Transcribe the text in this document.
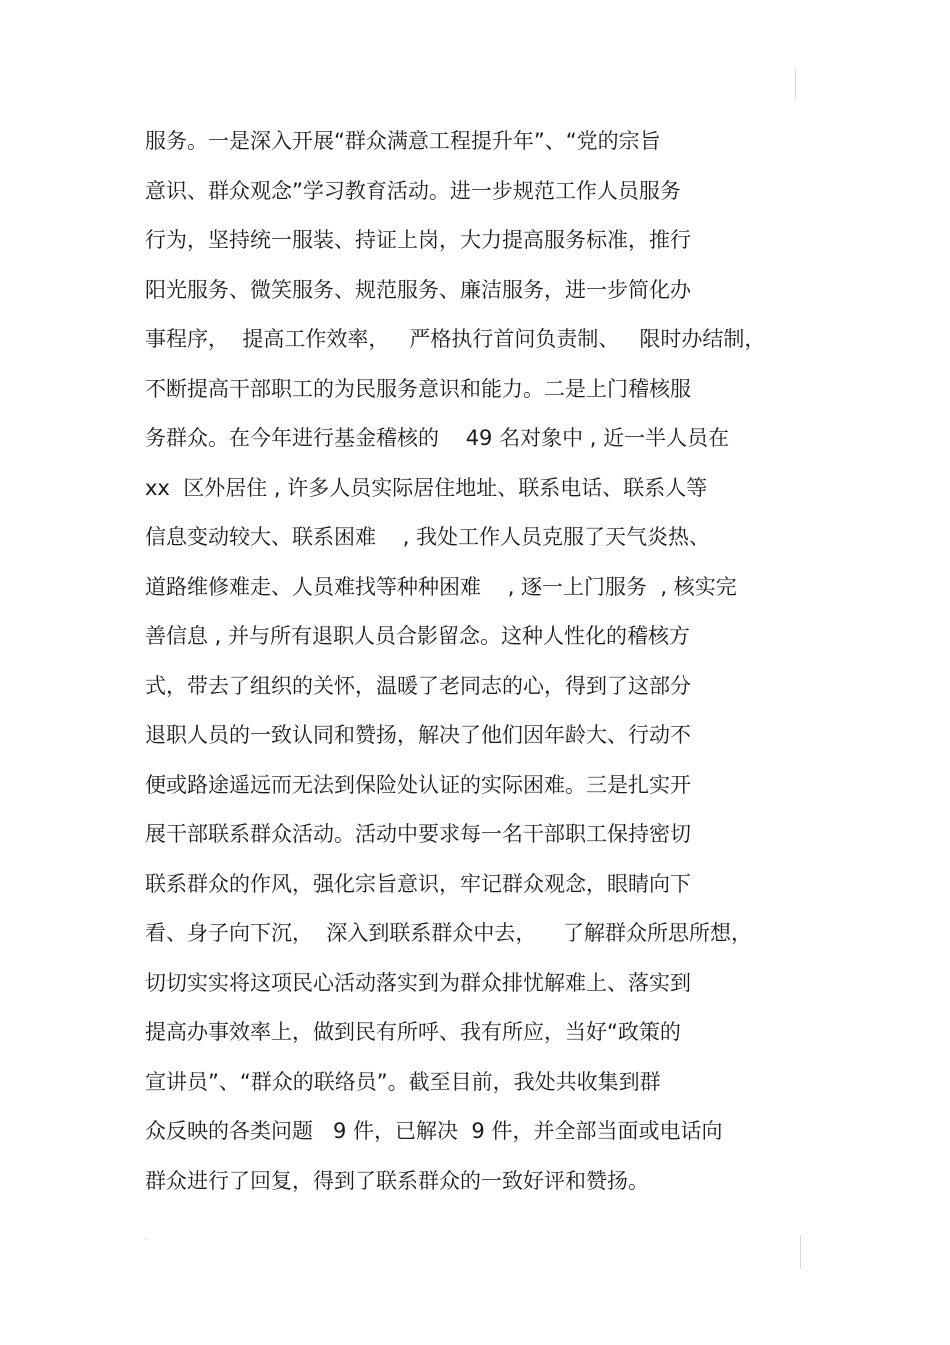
服务。一是深入开展“群众满意工程提升年”、“党的宗旨
意识、群众观念”学习教育活动。进一步规范工作人员服务
行为，坚持统一服装、持证上岗，大力提高服务标准，推行
阳光服务、微笑服务、规范服务、廉洁服务，进一步简化办
事程序，  提高工作效率，   严格执行首问负责制、   限时办结制，
不断提高干部职工的为民服务意识和能力。二是上门稽核服
务群众。在今年进行基金稽核的    49 名对象中 , 近一半人员在
xx  区外居住 , 许多人员实际居住地址、联系电话、联系人等
信息变动较大、联系困难    , 我处工作人员克服了天气炎热、
道路维修难走、人员难找等种种困难    , 逐一上门服务  , 核实完
善信息 , 并与所有退职人员合影留念。这种人性化的稽核方
式，带去了组织的关怀，温暖了老同志的心，得到了这部分
退职人员的一致认同和赞扬，解决了他们因年龄大、行动不
便或路途遥远而无法到保险处认证的实际困难。三是扎实开
展干部联系群众活动。活动中要求每一名干部职工保持密切
联系群众的作风，强化宗旨意识，牢记群众观念，眼睛向下
看、身子向下沉，  深入到联系群众中去，    了解群众所思所想，
切切实实将这项民心活动落实到为群众排忧解难上、落实到
提高办事效率上，做到民有所呼、我有所应，当好“政策的
宣讲员”、“群众的联络员”。截至目前，我处共收集到群
众反映的各类问题   9 件，已解决  9 件，并全部当面或电话向
群众进行了回复，得到了联系群众的一致好评和赞扬。
